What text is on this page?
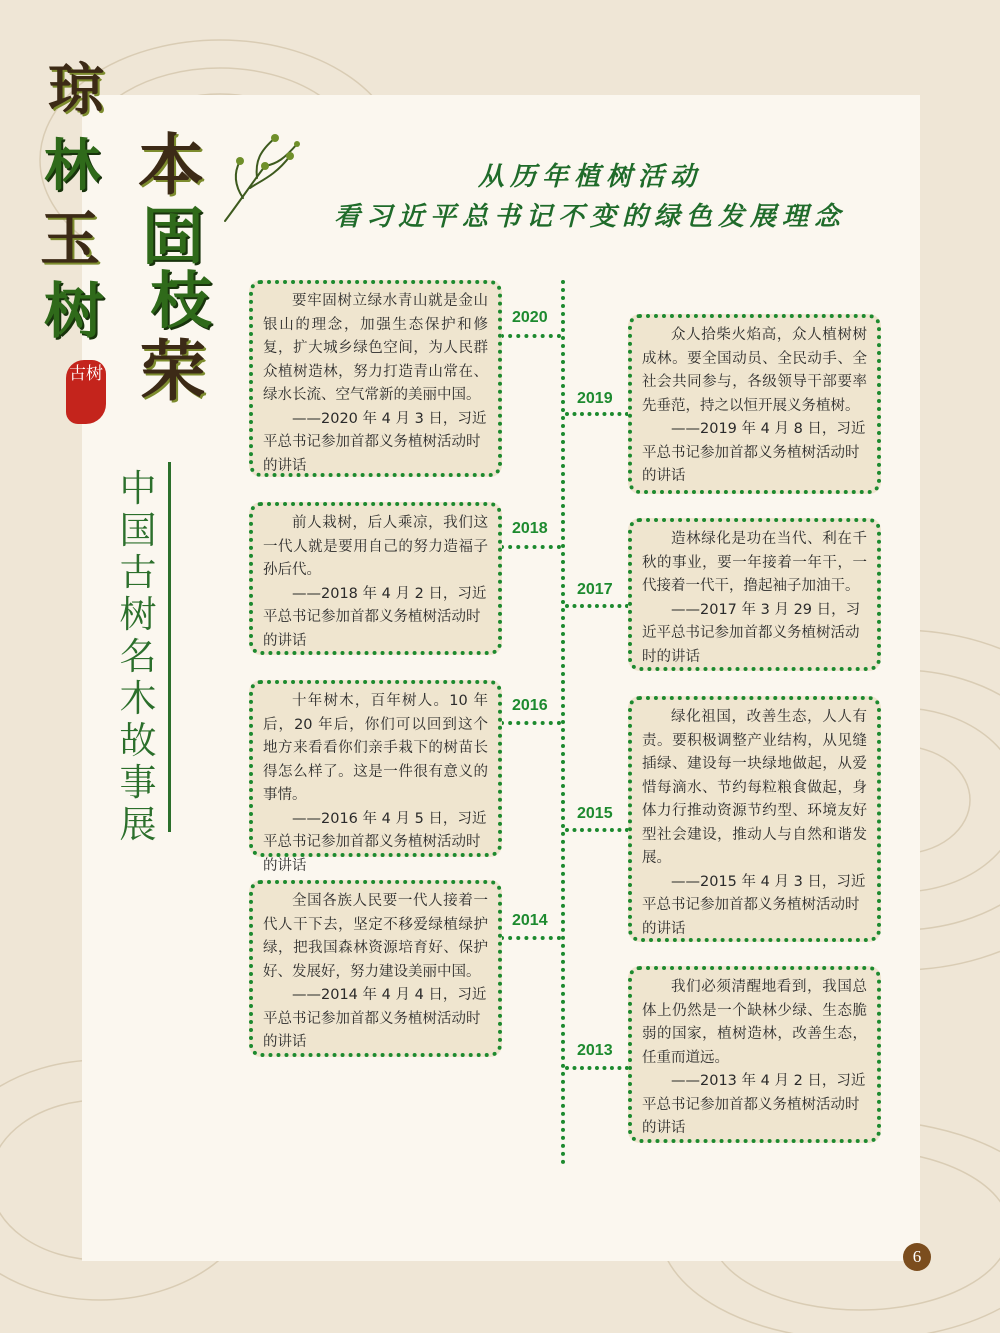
琼
林
玉
树
本
固
枝
荣
古树
中国古树名木故事展
从历年植树活动
看习近平总书记不变的绿色发展理念
2020
2019
2018
2017
2016
2015
2014
2013

要牢固树立绿水青山就是金山银山的理念，加强生态保护和修复，扩大城乡绿色空间，为人民群众植树造林，努力打造青山常在、绿水长流、空气常新的美丽中国。

——2020 年 4 月 3 日，习近平总书记参加首都义务植树活动时的讲话

众人拾柴火焰高，众人植树树成林。要全国动员、全民动手、全社会共同参与，各级领导干部要率先垂范，持之以恒开展义务植树。

——2019 年 4 月 8 日，习近平总书记参加首都义务植树活动时的讲话

前人栽树，后人乘凉，我们这一代人就是要用自己的努力造福子孙后代。

——2018 年 4 月 2 日，习近平总书记参加首都义务植树活动时的讲话

造林绿化是功在当代、利在千秋的事业，要一年接着一年干，一代接着一代干，撸起袖子加油干。

——2017 年 3 月 29 日，习近平总书记参加首都义务植树活动时的讲话

十年树木，百年树人。10 年后，20 年后，你们可以回到这个地方来看看你们亲手栽下的树苗长得怎么样了。这是一件很有意义的事情。

——2016 年 4 月 5 日，习近平总书记参加首都义务植树活动时的讲话

绿化祖国，改善生态，人人有责。要积极调整产业结构，从见缝插绿、建设每一块绿地做起，从爱惜每滴水、节约每粒粮食做起，身体力行推动资源节约型、环境友好型社会建设，推动人与自然和谐发展。

——2015 年 4 月 3 日，习近平总书记参加首都义务植树活动时的讲话

全国各族人民要一代人接着一代人干下去，坚定不移爱绿植绿护绿，把我国森林资源培育好、保护好、发展好，努力建设美丽中国。

——2014 年 4 月 4 日，习近平总书记参加首都义务植树活动时的讲话

我们必须清醒地看到，我国总体上仍然是一个缺林少绿、生态脆弱的国家，植树造林，改善生态，任重而道远。

——2013 年 4 月 2 日，习近平总书记参加首都义务植树活动时的讲话

6
